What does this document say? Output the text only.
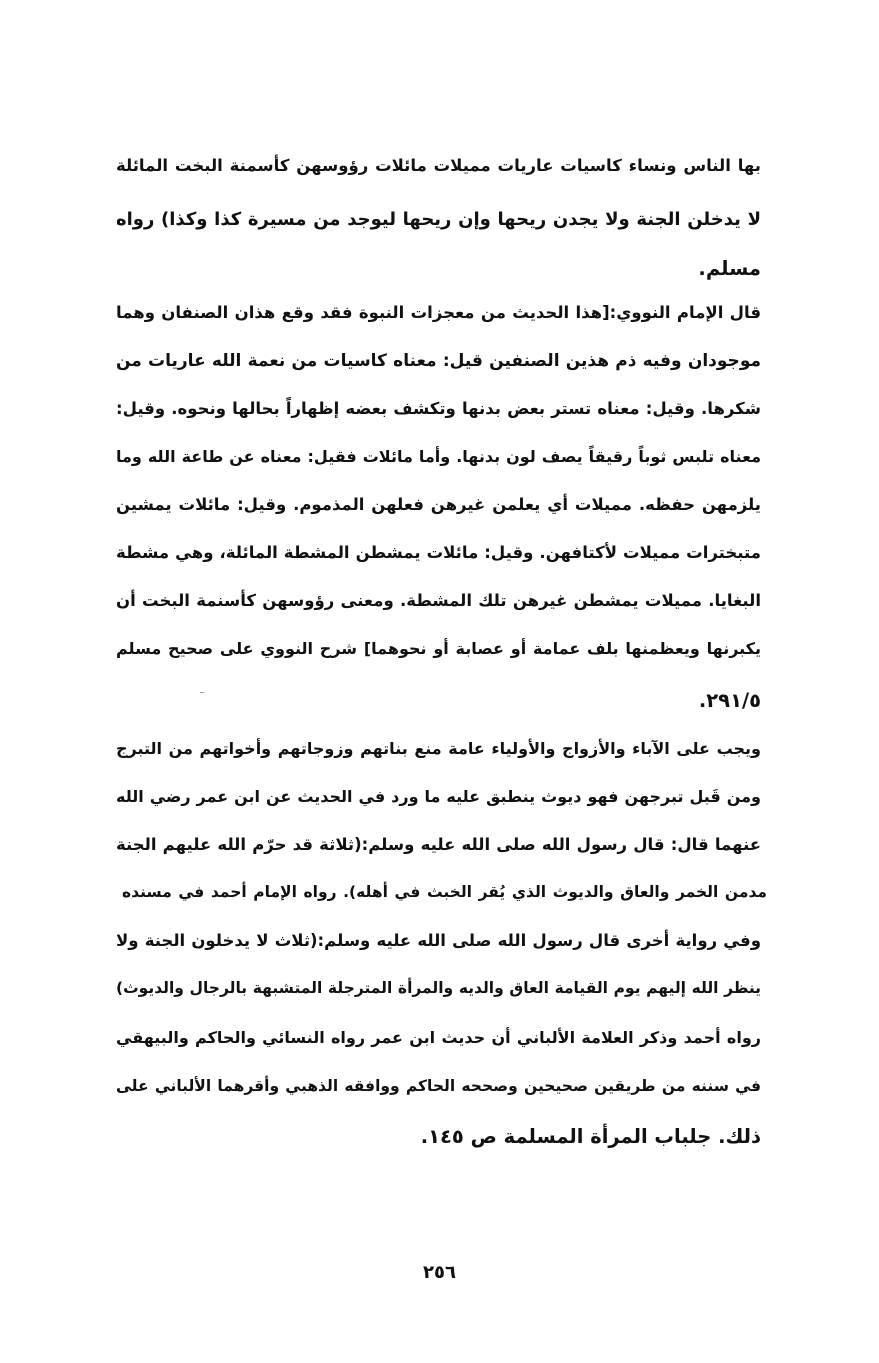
بها الناس ونساء كاسيات عاريات مميلات مائلات رؤوسهن كأسمنة البخت المائلة
لا يدخلن الجنة ولا يجدن ريحها وإن ريحها ليوجد من مسيرة كذا وكذا) رواه
مسلم.
قال الإمام النووي:[هذا الحديث من معجزات النبوة فقد وقع هذان الصنفان وهما
موجودان وفيه ذم هذين الصنفين قيل: معناه كاسيات من نعمة الله عاريات من
شكرها. وقيل: معناه تستر بعض بدنها وتكشف بعضه إظهاراً بحالها ونحوه. وقيل:
معناه تلبس ثوباً رقيقاً يصف لون بدنها. وأما مائلات فقيل: معناه عن طاعة الله وما
يلزمهن حفظه. مميلات أي يعلمن غيرهن فعلهن المذموم. وقيل: مائلات يمشين
متبخترات مميلات لأكتافهن. وقيل: مائلات يمشطن المشطة المائلة، وهي مشطة
البغايا. مميلات يمشطن غيرهن تلك المشطة. ومعنى رؤوسهن كأسنمة البخت أن
يكبرنها ويعظمنها بلف عمامة أو عصابة أو نحوهما] شرح النووي على صحيح مسلم
٢٩١/٥.
ويجب على الآباء والأزواج والأولياء عامة منع بناتهم وزوجاتهم وأخواتهم من التبرج
ومن قَبل تبرجهن فهو ديوث ينطبق عليه ما ورد في الحديث عن ابن عمر رضي الله
عنهما قال: قال رسول الله صلى الله عليه وسلم:(ثلاثة قد حرّم الله عليهم الجنة
مدمن الخمر والعاق والديوث الذي يُقر الخبث في أهله). رواه الإمام أحمد في مسنده
وفي رواية أخرى قال رسول الله صلى الله عليه وسلم:(ثلاث لا يدخلون الجنة ولا
ينظر الله إليهم يوم القيامة العاق والديه والمرأة المترجلة المتشبهة بالرجال والديوث)
رواه أحمد وذكر العلامة الألباني أن حديث ابن عمر رواه النسائي والحاكم والبيهقي
في سننه من طريقين صحيحين وصححه الحاكم ووافقه الذهبي وأقرهما الألباني على
ذلك. جلباب المرأة المسلمة ص ١٤٥.
٢٥٦
